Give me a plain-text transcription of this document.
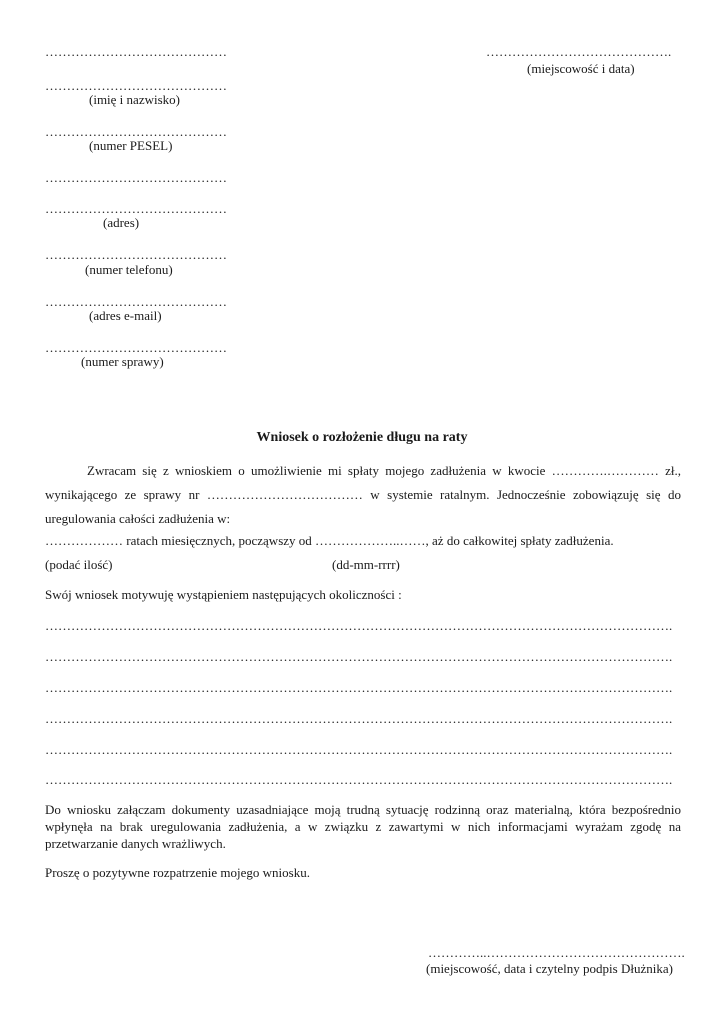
…………………………………….
(miejscowość i data)
……………………………………
……………………………………
(imię i nazwisko)
……………………………………
(numer PESEL)
……………………………………
……………………………………
(adres)
……………………………………
(numer telefonu)
……………………………………
(adres e-mail)
……………………………………
(numer sprawy)
Wniosek o rozłożenie długu na raty
Zwracam się z wnioskiem o umożliwienie mi spłaty mojego zadłużenia w kwocie ………….………… zł., wynikającego ze sprawy nr ……………………………… w systemie ratalnym. Jednocześnie zobowiązuję się do uregulowania całości zadłużenia w:
……………… ratach miesięcznych, począwszy od ………………..……, aż do całkowitej spłaty zadłużenia.
(podać ilość)	(dd-mm-rrrr)
Swój wniosek motywuję wystąpieniem następujących okoliczności :
……………………………………………………………………………………………………………………………….
……………………………………………………………………………………………………………………………….
……………………………………………………………………………………………………………………………….
……………………………………………………………………………………………………………………………….
……………………………………………………………………………………………………………………………….
……………………………………………………………………………………………………………………………….
Do wniosku załączam dokumenty uzasadniające moją trudną sytuację rodzinną oraz materialną, która bezpośrednio wpłynęła na brak uregulowania zadłużenia, a w związku z zawartymi w nich informacjami wyrażam zgodę na przetwarzanie danych wrażliwych.
Proszę o pozytywne rozpatrzenie mojego wniosku.
…………..……………………………………….
(miejscowość, data i czytelny podpis Dłużnika)
